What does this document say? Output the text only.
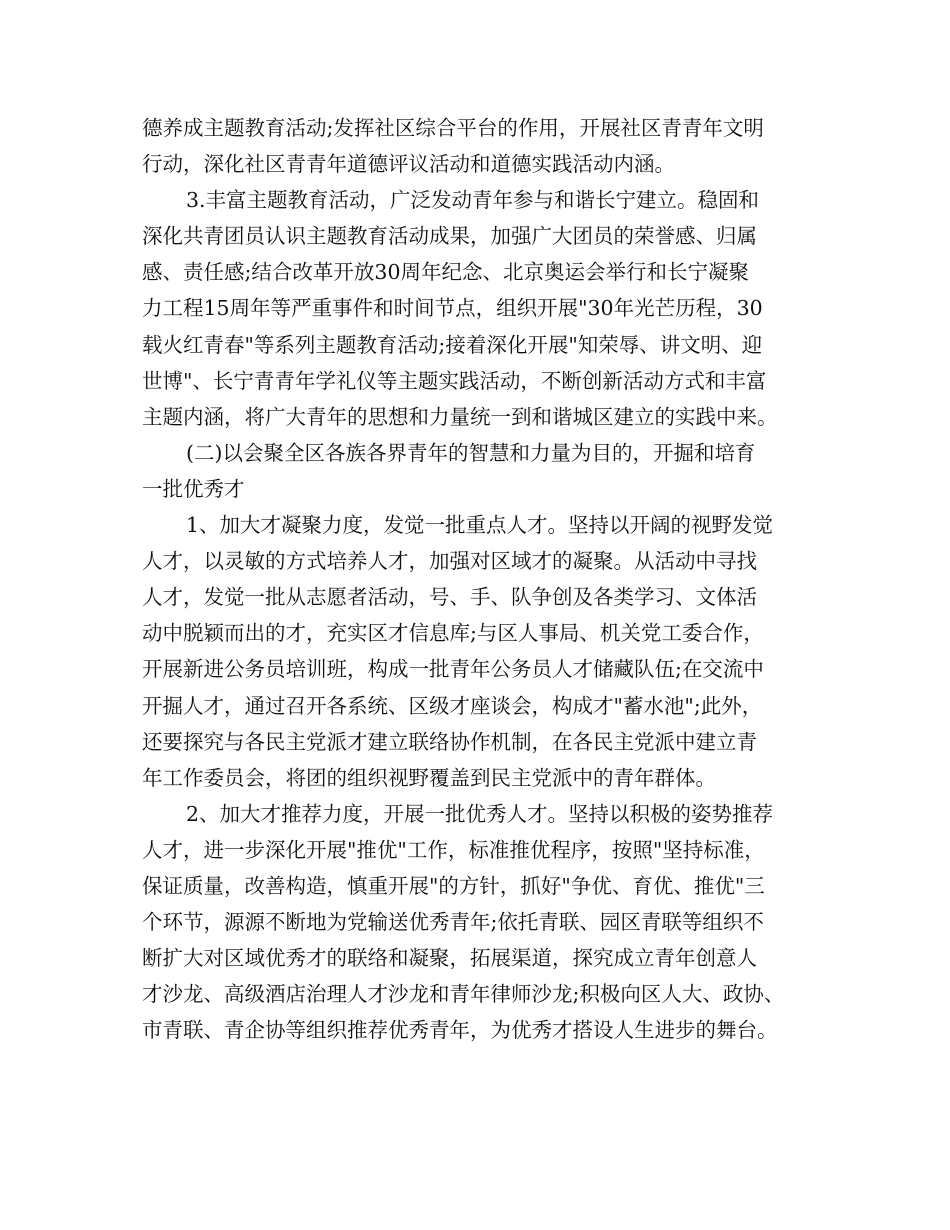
德养成主题教育活动;发挥社区综合平台的作用，开展社区青青年文明
行动，深化社区青青年道德评议活动和道德实践活动内涵。
3.丰富主题教育活动，广泛发动青年参与和谐长宁建立。稳固和
深化共青团员认识主题教育活动成果，加强广大团员的荣誉感、归属
感、责任感;结合改革开放30周年纪念、北京奥运会举行和长宁凝聚
力工程15周年等严重事件和时间节点，组织开展"30年光芒历程，30
载火红青春"等系列主题教育活动;接着深化开展"知荣辱、讲文明、迎
世博"、长宁青青年学礼仪等主题实践活动，不断创新活动方式和丰富
主题内涵，将广大青年的思想和力量统一到和谐城区建立的实践中来。
(二)以会聚全区各族各界青年的智慧和力量为目的，开掘和培育
一批优秀才
1、加大才凝聚力度，发觉一批重点人才。坚持以开阔的视野发觉
人才，以灵敏的方式培养人才，加强对区域才的凝聚。从活动中寻找
人才，发觉一批从志愿者活动，号、手、队争创及各类学习、文体活
动中脱颖而出的才，充实区才信息库;与区人事局、机关党工委合作，
开展新进公务员培训班，构成一批青年公务员人才储藏队伍;在交流中
开掘人才，通过召开各系统、区级才座谈会，构成才"蓄水池";此外，
还要探究与各民主党派才建立联络协作机制，在各民主党派中建立青
年工作委员会，将团的组织视野覆盖到民主党派中的青年群体。
2、加大才推荐力度，开展一批优秀人才。坚持以积极的姿势推荐
人才，进一步深化开展"推优"工作，标准推优程序，按照"坚持标准，
保证质量，改善构造，慎重开展"的方针，抓好"争优、育优、推优"三
个环节，源源不断地为党输送优秀青年;依托青联、园区青联等组织不
断扩大对区域优秀才的联络和凝聚，拓展渠道，探究成立青年创意人
才沙龙、高级酒店治理人才沙龙和青年律师沙龙;积极向区人大、政协、
市青联、青企协等组织推荐优秀青年，为优秀才搭设人生进步的舞台。
